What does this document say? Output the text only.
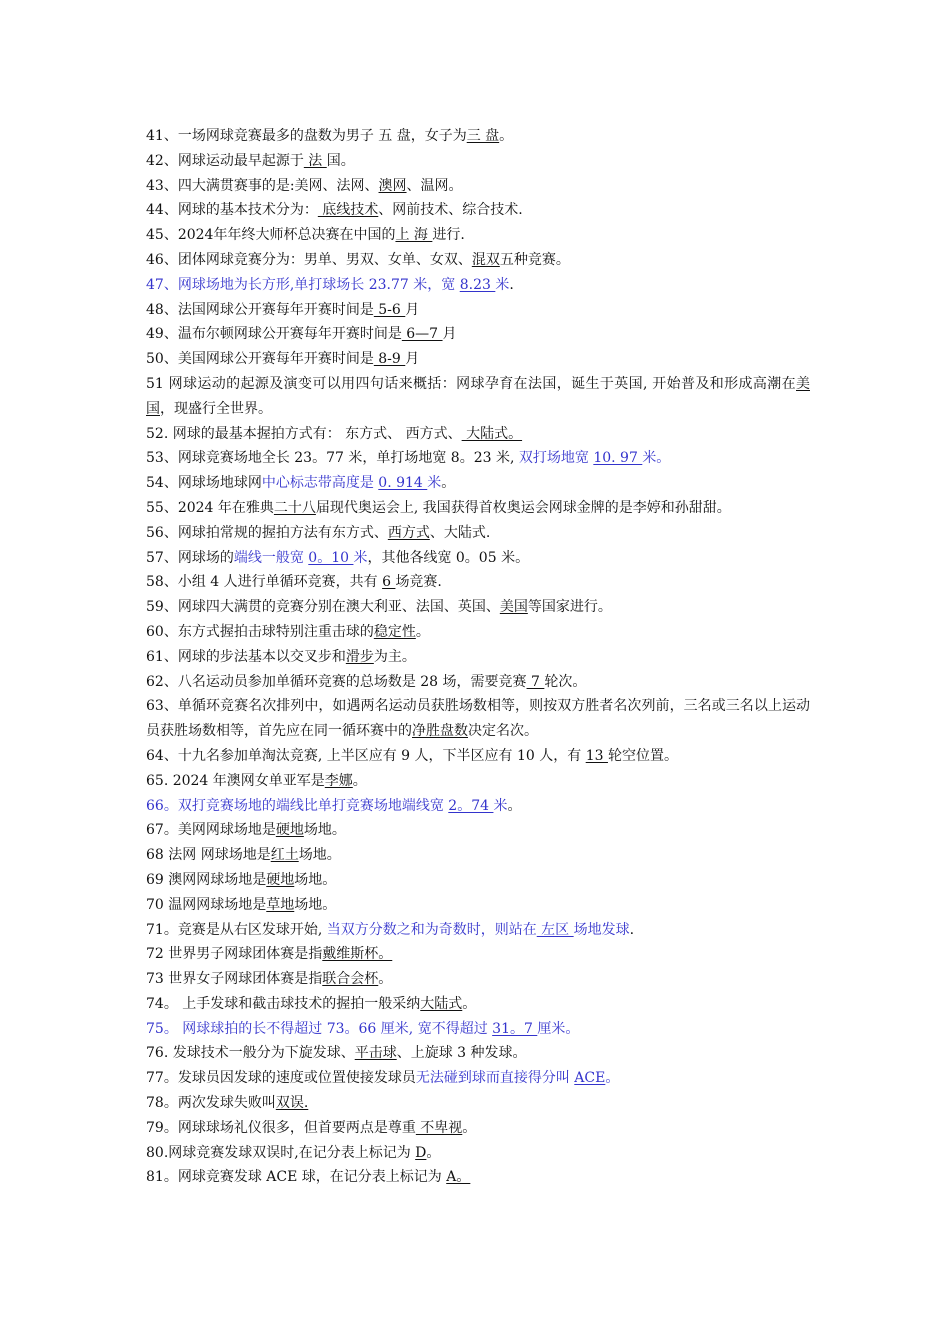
41、一场网球竞赛最多的盘数为男子 五 盘，女子为三 盘。
42、网球运动最早起源于 法 国。
43、四大满贯赛事的是:美网、法网、澳网、温网。
44、网球的基本技术分为： 底线技术、网前技术、综合技术.
45、2024年年终大师杯总决赛在中国的上 海 进行.
46、团体网球竞赛分为：男单、男双、女单、女双、混双五种竞赛。
47、网球场地为长方形,单打球场长 23.77 米，宽 8.23 米.
48、法国网球公开赛每年开赛时间是 5-6 月
49、温布尔顿网球公开赛每年开赛时间是 6—7 月
50、美国网球公开赛每年开赛时间是 8-9 月
51 网球运动的起源及演变可以用四句话来概括：网球孕育在法国，诞生于英国, 开始普及和形成高潮在美国，现盛行全世界。
52. 网球的最基本握拍方式有： 东方式、 西方式、 大陆式。
53、网球竞赛场地全长 23。77 米，单打场地宽 8。23 米, 双打场地宽 10. 97 米。
54、网球场地球网中心标志带高度是 0. 914 米。
55、2024 年在雅典二十八届现代奥运会上, 我国获得首枚奥运会网球金牌的是李婷和孙甜甜。
56、网球拍常规的握拍方法有东方式、西方式、大陆式.
57、网球场的端线一般宽 0。10 米，其他各线宽 0。05 米。
58、小组 4 人进行单循环竞赛，共有 6 场竞赛.
59、网球四大满贯的竞赛分别在澳大利亚、法国、英国、美国等国家进行。
60、东方式握拍击球特别注重击球的稳定性。
61、网球的步法基本以交叉步和滑步为主。
62、八名运动员参加单循环竞赛的总场数是 28 场，需要竞赛 7 轮次。
63、单循环竞赛名次排列中，如遇两名运动员获胜场数相等，则按双方胜者名次列前，三名或三名以上运动员获胜场数相等，首先应在同一循环赛中的净胜盘数决定名次。
64、十九名参加单淘汰竞赛, 上半区应有 9 人，下半区应有 10 人，有 13 轮空位置。
65. 2024 年澳网女单亚军是李娜。
66。双打竞赛场地的端线比单打竞赛场地端线宽 2。74 米。
67。美网网球场地是硬地场地。
68 法网 网球场地是红土场地。
69 澳网网球场地是硬地场地。
70 温网网球场地是草地场地。
71。竞赛是从右区发球开始, 当双方分数之和为奇数时，则站在 左区 场地发球.
72 世界男子网球团体赛是指戴维斯杯。
73 世界女子网球团体赛是指联合会杯。
74。 上手发球和截击球技术的握拍一般采纳大陆式。
75。 网球球拍的长不得超过 73。66 厘米, 宽不得超过 31。7 厘米。
76. 发球技术一般分为下旋发球、平击球、上旋球 3 种发球。
77。发球员因发球的速度或位置使接发球员无法碰到球而直接得分叫 ACE。
78。两次发球失败叫双误.
79。网球球场礼仪很多，但首要两点是尊重 不卑视。
80.网球竞赛发球双误时,在记分表上标记为 D。
81。网球竞赛发球 ACE 球，在记分表上标记为 A。
